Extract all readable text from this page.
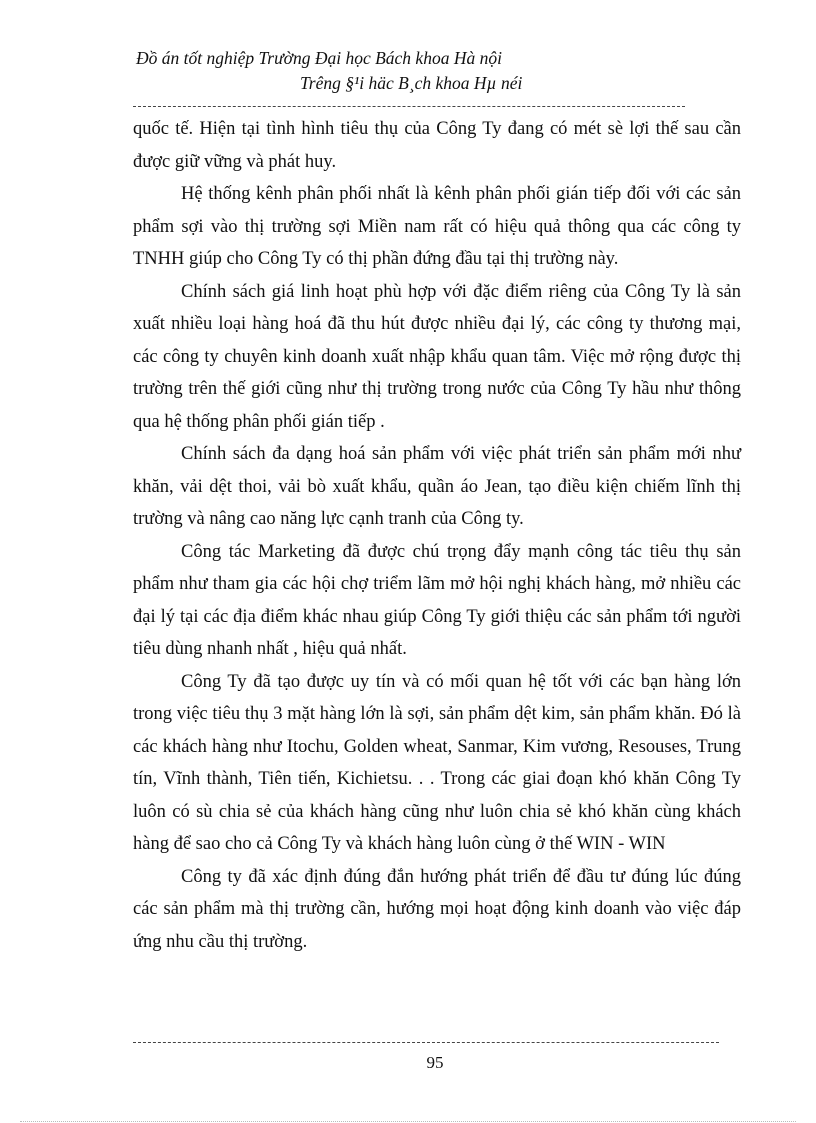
Đồ án tốt nghiệp Trường Đại học Bách khoa Hà nội
Trêng §¹i häc B¸ch khoa Hµ néi

quốc tế. Hiện tại tình hình tiêu thụ của Công Ty đang có mét sè lợi thế sau cần được giữ vững và phát huy.

Hệ thống kênh phân phối nhất là kênh phân phối gián tiếp đối với các sản phẩm sợi vào thị trường sợi Miền nam rất có hiệu quả thông qua các công ty TNHH giúp cho Công Ty có thị phần đứng đầu tại thị trường này.

Chính sách giá linh hoạt phù hợp với đặc điểm riêng của Công Ty là sản xuất nhiều loại hàng hoá đã thu hút được nhiều đại lý, các công ty thương mại, các công ty chuyên kinh doanh xuất nhập khẩu quan tâm. Việc mở rộng được thị trường trên thế giới cũng như thị trường trong nước của Công Ty hầu như thông qua hệ thống phân phối gián tiếp .

Chính sách đa dạng hoá sản phẩm với việc phát triển sản phẩm mới như khăn, vải dệt thoi, vải bò xuất khẩu, quần áo Jean, tạo điều kiện chiếm lĩnh thị trường và nâng cao năng lực cạnh tranh của Công ty.

Công tác Marketing đã được chú trọng đẩy mạnh công tác tiêu thụ sản phẩm như tham gia các hội chợ triểm lãm mở hội nghị khách hàng, mở nhiều các đại lý tại các địa điểm khác nhau giúp Công Ty giới thiệu các sản phẩm tới người tiêu dùng nhanh nhất , hiệu quả nhất.

Công Ty đã tạo được uy tín và có mối quan hệ tốt với các bạn hàng lớn trong việc tiêu thụ 3 mặt hàng lớn là sợi, sản phẩm dệt kim, sản phẩm khăn. Đó là các khách hàng như Itochu, Golden wheat, Sanmar, Kim vương, Resouses, Trung tín, Vĩnh thành, Tiên tiến, Kichietsu. . . Trong các giai đoạn khó khăn Công Ty luôn có sù chia sẻ của khách hàng cũng như luôn chia sẻ khó khăn cùng khách hàng để sao cho cả Công Ty và khách hàng luôn cùng ở thế WIN - WIN

Công ty đã xác định đúng đắn hướng phát triển để đầu tư đúng lúc đúng các sản phẩm mà thị trường cần, hướng mọi hoạt động kinh doanh vào việc đáp ứng nhu cầu thị trường.

95
